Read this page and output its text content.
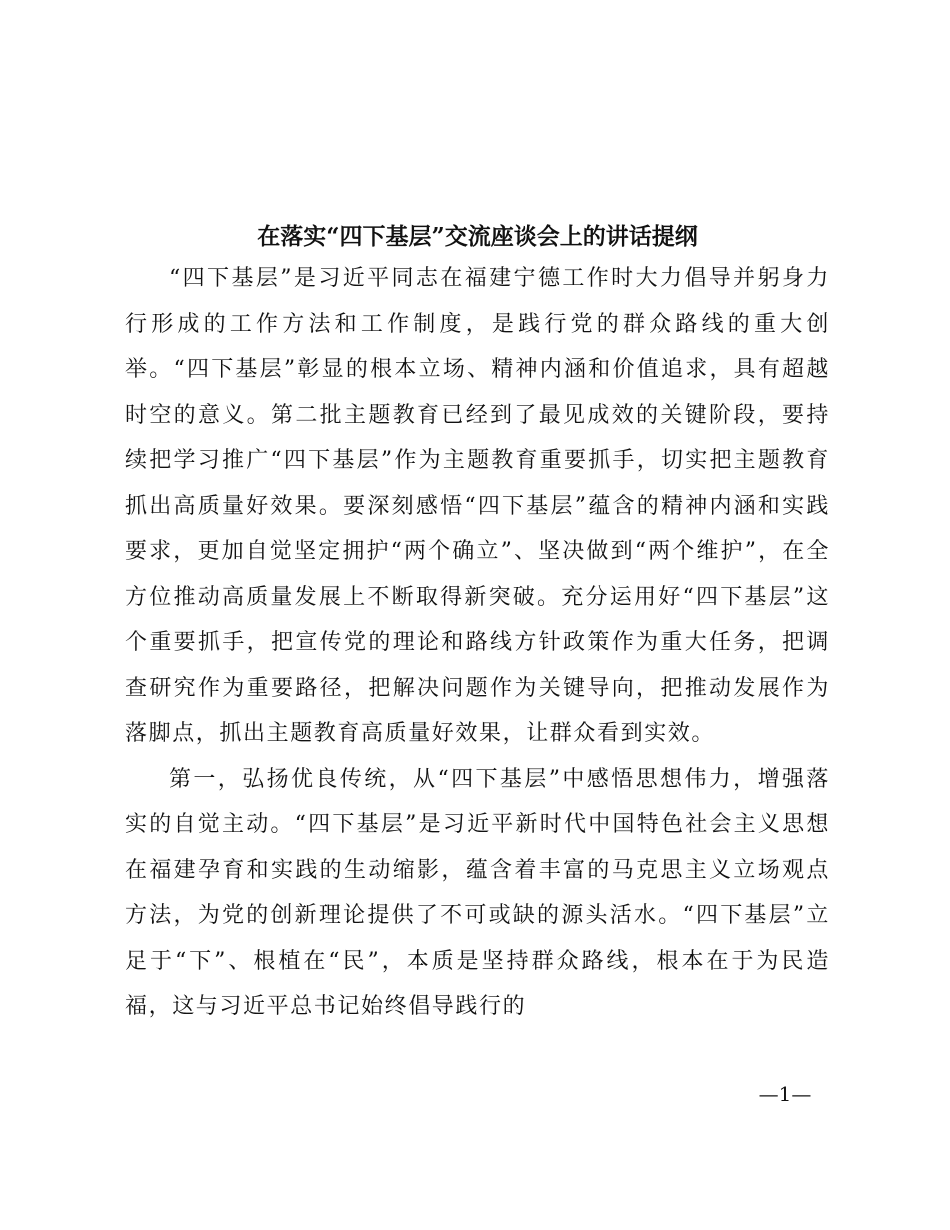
在落实“四下基层”交流座谈会上的讲话提纲

“四下基层”是习近平同志在福建宁德工作时大力倡导并躬身力行形成的工作方法和工作制度，是践行党的群众路线的重大创举。“四下基层”彰显的根本立场、精神内涵和价值追求，具有超越时空的意义。第二批主题教育已经到了最见成效的关键阶段，要持续把学习推广“四下基层”作为主题教育重要抓手，切实把主题教育抓出高质量好效果。要深刻感悟“四下基层”蕴含的精神内涵和实践要求，更加自觉坚定拥护“两个确立”、坚决做到“两个维护”，在全方位推动高质量发展上不断取得新突破。充分运用好“四下基层”这个重要抓手，把宣传党的理论和路线方针政策作为重大任务，把调查研究作为重要路径，把解决问题作为关键导向，把推动发展作为落脚点，抓出主题教育高质量好效果，让群众看到实效。

第一，弘扬优良传统，从“四下基层”中感悟思想伟力，增强落实的自觉主动。“四下基层”是习近平新时代中国特色社会主义思想在福建孕育和实践的生动缩影，蕴含着丰富的马克思主义立场观点方法，为党的创新理论提供了不可或缺的源头活水。“四下基层”立足于“下”、根植在“民”，本质是坚持群众路线，根本在于为民造福，这与习近平总书记始终倡导践行的

—1—
